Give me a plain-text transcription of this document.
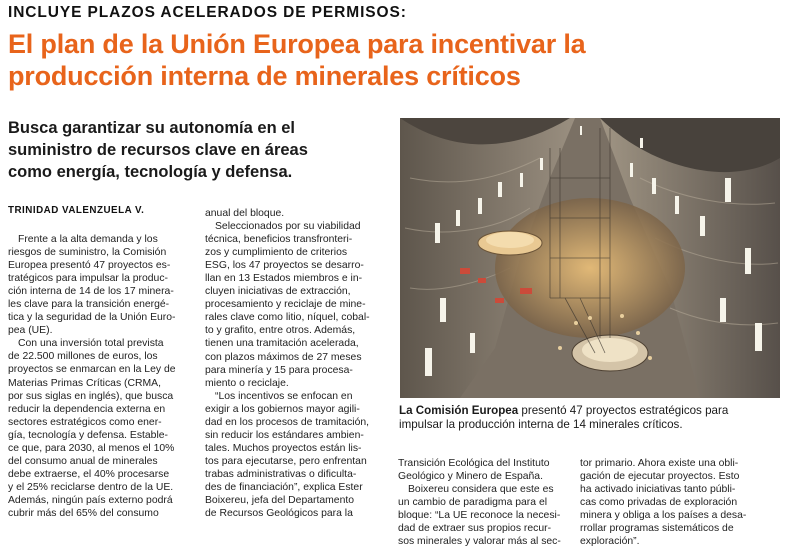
INCLUYE PLAZOS ACELERADOS DE PERMISOS:
El plan de la Unión Europea para incentivar la
producción interna de minerales críticos
Busca garantizar su autonomía en el
suministro de recursos clave en áreas
como energía, tecnología y defensa.
TRINIDAD VALENZUELA V.
Frente a la alta demanda y los
riesgos de suministro, la Comisión
Europea presentó 47 proyectos es-
tratégicos para impulsar la produc-
ción interna de 14 de los 17 minera-
les clave para la transición energé-
tica y la seguridad de la Unión Euro-
pea (UE).
Con una inversión total prevista
de 22.500 millones de euros, los
proyectos se enmarcan en la Ley de
Materias Primas Críticas (CRMA,
por sus siglas en inglés), que busca
reducir la dependencia externa en
sectores estratégicos como ener-
gía, tecnología y defensa. Estable-
ce que, para 2030, al menos el 10%
del consumo anual de minerales
debe extraerse, el 40% procesarse
y el 25% reciclarse dentro de la UE.
Además, ningún país externo podrá
cubrir más del 65% del consumo
anual del bloque.
Seleccionados por su viabilidad
técnica, beneficios transfronteri-
zos y cumplimiento de criterios
ESG, los 47 proyectos se desarro-
llan en 13 Estados miembros e in-
cluyen iniciativas de extracción,
procesamiento y reciclaje de mine-
rales clave como litio, níquel, cobal-
to y grafito, entre otros. Además,
tienen una tramitación acelerada,
con plazos máximos de 27 meses
para minería y 15 para procesa-
miento o reciclaje.
“Los incentivos se enfocan en
exigir a los gobiernos mayor agili-
dad en los procesos de tramitación,
sin reducir los estándares ambien-
tales. Muchos proyectos están lis-
tos para ejecutarse, pero enfrentan
trabas administrativas o dificulta-
des de financiación”, explica Ester
Boixereu, jefa del Departamento
de Recursos Geológicos para la
La Comisión Europea presentó 47 proyectos estratégicos para
impulsar la producción interna de 14 minerales críticos.
Transición Ecológica del Instituto
Geológico y Minero de España.
Boixereu considera que este es
un cambio de paradigma para el
bloque: “La UE reconoce la necesi-
dad de extraer sus propios recur-
sos minerales y valorar más al sec-
tor primario. Ahora existe una obli-
gación de ejecutar proyectos. Esto
ha activado iniciativas tanto públi-
cas como privadas de exploración
minera y obliga a los países a desa-
rrollar programas sistemáticos de
exploración”.
